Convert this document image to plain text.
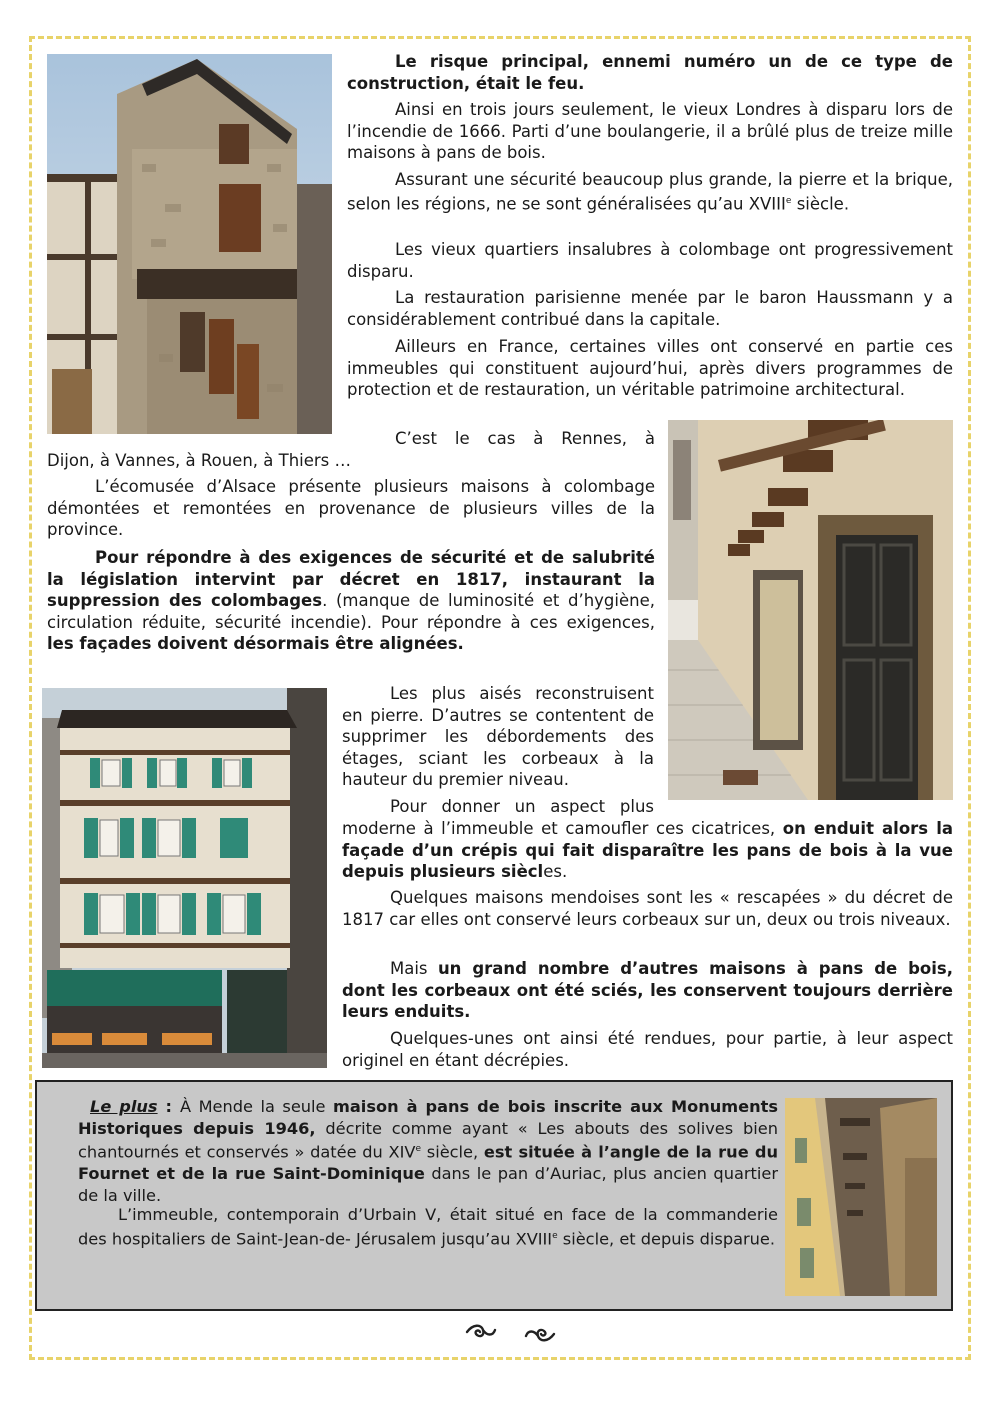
Le risque principal, ennemi numéro un de ce type de construction, était le feu.

Ainsi en trois jours seulement, le vieux Londres à disparu lors de l’incendie de 1666. Parti d’une boulangerie, il a brûlé plus de treize mille maisons à pans de bois.

Assurant une sécurité beaucoup plus grande, la pierre et la brique, selon les régions, ne se sont généralisées qu’au XVIIIe siècle.

Les vieux quartiers insalubres à colombage ont progressivement disparu.

La restauration parisienne menée par le baron Haussmann y a considérablement contribué dans la capitale.

Ailleurs en France, certaines villes ont conservé en partie ces immeubles qui constituent aujourd’hui, après divers programmes de protection et de restauration, un véritable patrimoine architectural.

C’est le cas à Rennes, à

Dijon, à Vannes, à Rouen, à Thiers …

L’écomusée d’Alsace présente plusieurs maisons à colombage démontées et remontées en provenance de plusieurs villes de la province.

Pour répondre à des exigences de sécurité et de salubrité la législation intervint par décret en 1817, instaurant la suppression des colombages. (manque de luminosité et d’hygiène, circulation réduite, sécurité incendie). Pour répondre à ces exigences, les façades doivent désormais être alignées.

Les plus aisés reconstruisent en pierre. D’autres se contentent de supprimer les débordements des étages, sciant les corbeaux à la hauteur du premier niveau.

Pour donner un aspect plus

moderne à l’immeuble et camoufler ces cicatrices, on enduit alors la façade d’un crépis qui fait disparaître les pans de bois à la vue depuis plusieurs siècles.

Quelques maisons mendoises sont les « rescapées » du décret de 1817 car elles ont conservé leurs corbeaux sur un, deux ou trois niveaux.

Mais un grand nombre d’autres maisons à pans de bois, dont les corbeaux ont été sciés, les conservent toujours derrière leurs enduits.

Quelques-unes ont ainsi été rendues, pour partie, à leur aspect originel en étant décrépies.

Le plus : À Mende la seule maison à pans de bois inscrite aux Monuments Historiques depuis 1946, décrite comme ayant « Les abouts des solives bien chantournés et conservés » datée du XIVe siècle, est située à l’angle de la rue du Fournet et de la rue Saint-Dominique dans le pan d’Auriac, plus ancien quartier de la ville.

L’immeuble, contemporain d’Urbain V, était situé en face de la commanderie des hospitaliers de Saint-Jean-de- Jérusalem jusqu’au XVIIIe siècle, et depuis disparue.
